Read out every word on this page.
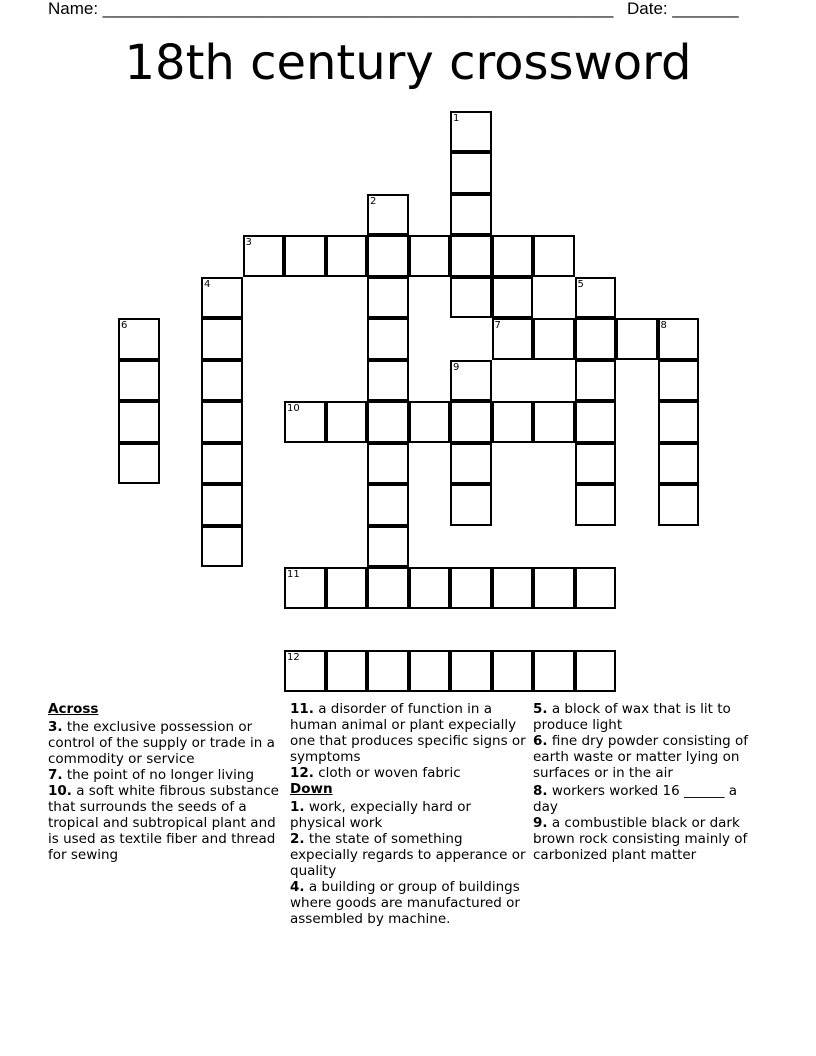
Name: ______________________________________________________ Date: _______
18th century crossword
1
2
3
4	5
6	7	8
9
10
11
12

Across

3. the exclusive possession or control of the supply or trade in a commodity or service

7. the point of no longer living

10. a soft white fibrous substance that surrounds the seeds of a tropical and subtropical plant and is used as textile fiber and thread for sewing

11. a disorder of function in a human animal or plant expecially one that produces specific signs or symptoms

12. cloth or woven fabric

Down

1. work, expecially hard or physical work

2. the state of something expecially regards to apperance or quality

4. a building or group of buildings where goods are manufactured or assembled by machine.

5. a block of wax that is lit to produce light

6. fine dry powder consisting of earth waste or matter lying on surfaces or in the air

8. workers worked 16 ______ a day

9. a combustible black or dark brown rock consisting mainly of carbonized plant matter
